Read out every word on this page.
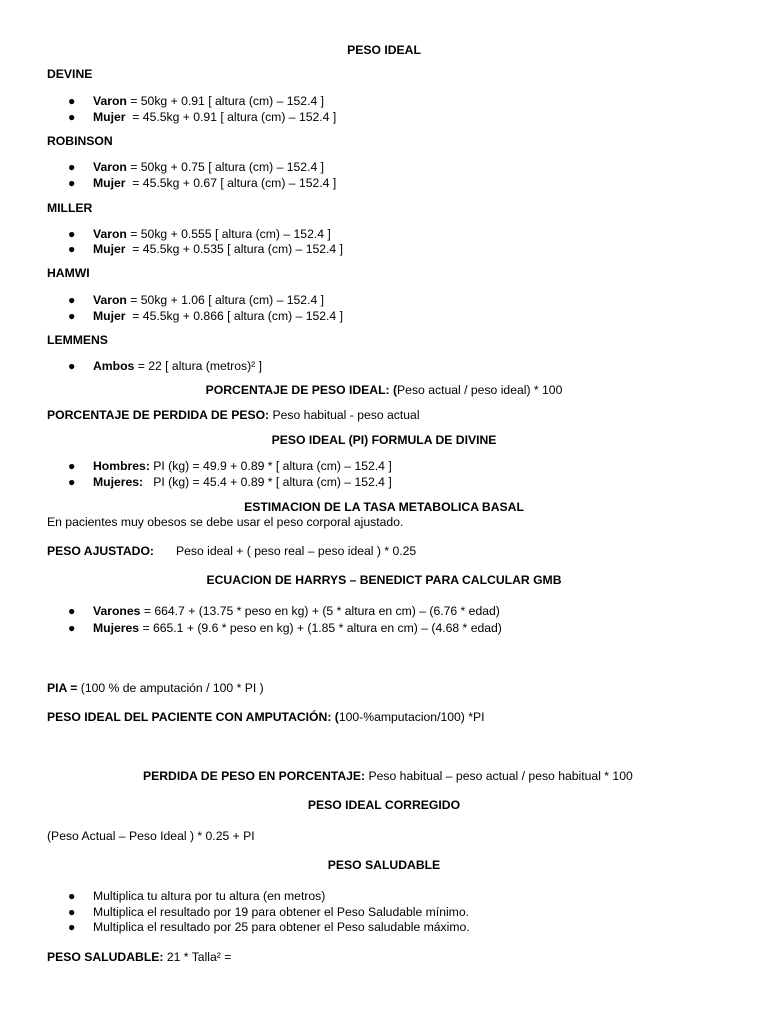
PESO IDEAL
DEVINE
● Varon = 50kg + 0.91 [ altura (cm) – 152.4 ]
● Mujer  = 45.5kg + 0.91 [ altura (cm) – 152.4 ]
ROBINSON
● Varon = 50kg + 0.75 [ altura (cm) – 152.4 ]
● Mujer  = 45.5kg + 0.67 [ altura (cm) – 152.4 ]
MILLER
● Varon = 50kg + 0.555 [ altura (cm) – 152.4 ]
● Mujer  = 45.5kg + 0.535 [ altura (cm) – 152.4 ]
HAMWI
● Varon = 50kg + 1.06 [ altura (cm) – 152.4 ]
● Mujer  = 45.5kg + 0.866 [ altura (cm) – 152.4 ]
LEMMENS
● Ambos = 22 [ altura (metros)² ]
PORCENTAJE DE PESO IDEAL: (Peso actual / peso ideal) * 100
PORCENTAJE DE PERDIDA DE PESO: Peso habitual - peso actual
PESO IDEAL (PI) FORMULA DE DIVINE
● Hombres: PI (kg) = 49.9 + 0.89 * [ altura (cm) – 152.4 ]
● Mujeres:   PI (kg) = 45.4 + 0.89 * [ altura (cm) – 152.4 ]
ESTIMACION DE LA TASA METABOLICA BASAL
En pacientes muy obesos se debe usar el peso corporal ajustado.
PESO AJUSTADO: Peso ideal + ( peso real – peso ideal ) * 0.25
ECUACION DE HARRYS – BENEDICT PARA CALCULAR GMB
● Varones = 664.7 + (13.75 * peso en kg) + (5 * altura en cm) – (6.76 * edad)
● Mujeres = 665.1 + (9.6 * peso en kg) + (1.85 * altura en cm) – (4.68 * edad)
PIA = (100 % de amputación / 100 * PI )
PESO IDEAL DEL PACIENTE CON AMPUTACIÓN: (100-%amputacion/100) *PI
PERDIDA DE PESO EN PORCENTAJE: Peso habitual – peso actual / peso habitual * 100
PESO IDEAL CORREGIDO
(Peso Actual – Peso Ideal ) * 0.25 + PI
PESO SALUDABLE
● Multiplica tu altura por tu altura (en metros)
● Multiplica el resultado por 19 para obtener el Peso Saludable mínimo.
● Multiplica el resultado por 25 para obtener el Peso saludable máximo.
PESO SALUDABLE: 21 * Talla² =
